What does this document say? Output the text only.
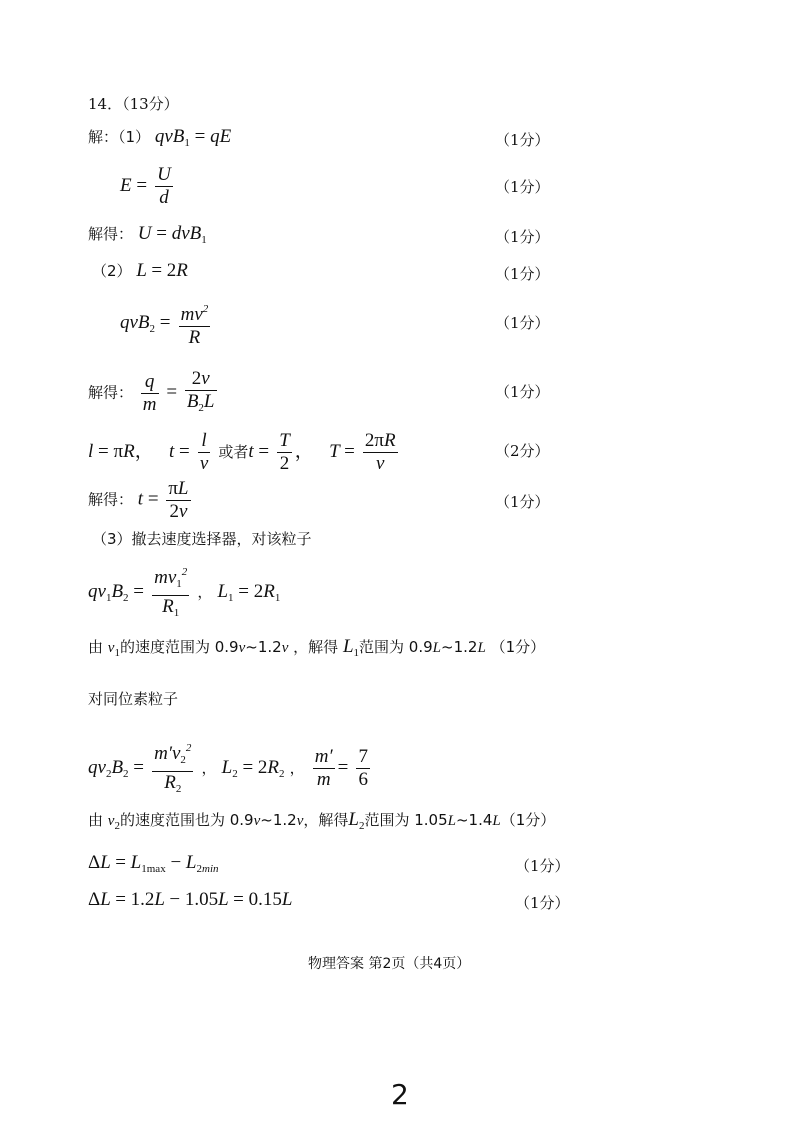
14．（13分）
解：（1） qvB$_1$ = qE	（1分）
$E = \frac{U}{d}$	（1分）
解得： U = dvB$_1$	（1分）
（2） L = 2R	（1分）
$qvB_2 = \frac{mv^2}{R}$	（1分）
解得： $\frac{q}{m} = \frac{2v}{B_2L}$	（1分）
l = πR， $t = \frac{l}{v}$ 或者$t = \frac{T}{2}$ ， $T = \frac{2\pi R}{v}$	（2分）
解得： $t = \frac{\pi L}{2v}$	（1分）
（3）撤去速度选择器，对该粒子
$qv_1B_2 = \frac{mv_1^2}{R_1}$ ， $L_1 = 2R_1$
由 $v_1$的速度范围为 0.9v~1.2v ，解得 $L_1$范围为 0.9L~1.2L （1分）
对同位素粒子
$qv_2B_2 = \frac{m'v_2^2}{R_2}$ ， $L_2 = 2R_2$ ， $\frac{m'}{m} = \frac{7}{6}$
由 $v_2$的速度范围也为 0.9v~1.2v，解得$L_2$范围为 1.05L~1.4L（1分）
$\Delta L = L_{1max} - L_{2min}$	（1分）
ΔL = 1.2L − 1.05L = 0.15L	（1分）
物理答案 第2页（共4页）
2
